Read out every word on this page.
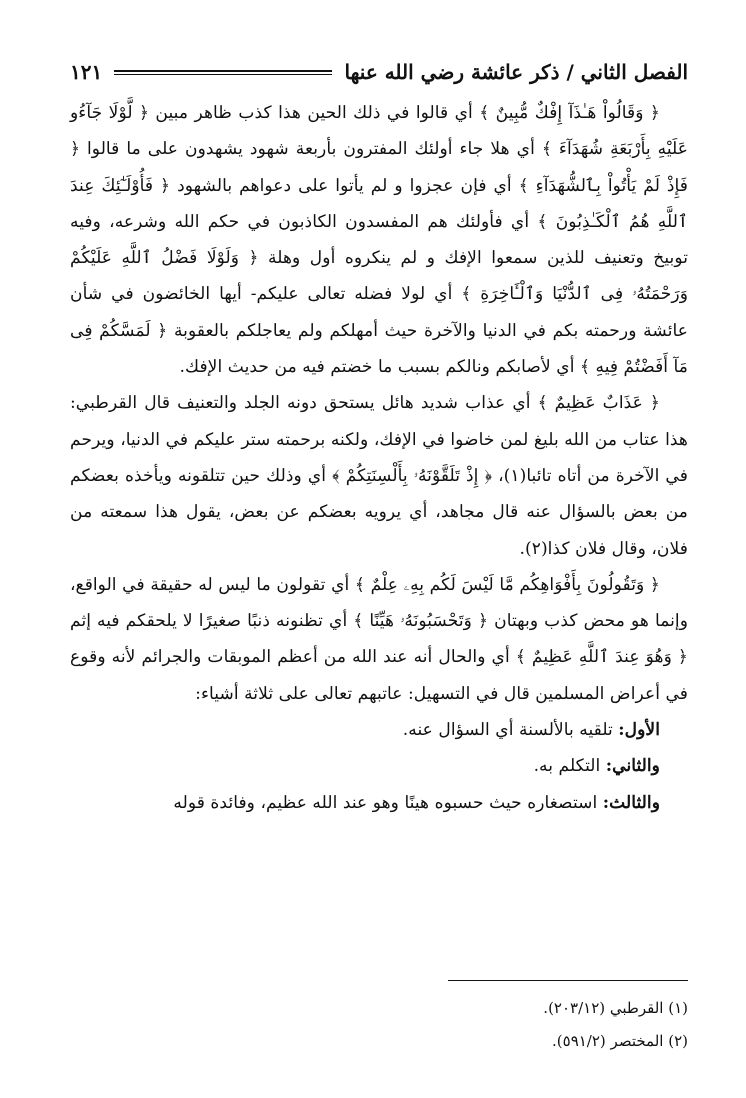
الفصل الثاني / ذكر عائشة رضي الله عنها
١٢١

﴿ وَقَالُواْ هَـٰذَآ إِفْكٌ مُّبِينٌ ﴾ أي قالوا في ذلك الحين هذا كذب ظاهر مبين ﴿ لَّوْلَا جَآءُو عَلَيْهِ بِأَرْبَعَةِ شُهَدَآءَ ﴾ أي هلا جاء أولئك المفترون بأربعة شهود يشهدون على ما قالوا ﴿ فَإِذْ لَمْ يَأْتُواْ بِٱلشُّهَدَآءِ ﴾ أي فإن عجزوا و لم يأتوا على دعواهم بالشهود ﴿ فَأُوْلَـٰٓئِكَ عِندَ ٱللَّهِ هُمُ ٱلْكَـٰذِبُونَ ﴾ أي فأولئك هم المفسدون الكاذبون في حكم الله وشرعه، وفيه توبيخ وتعنيف للذين سمعوا الإفك و لم ينكروه أول وهلة ﴿ وَلَوْلَا فَضْلُ ٱللَّهِ عَلَيْكُمْ وَرَحْمَتُهُۥ فِى ٱلدُّنْيَا وَٱلْـَٔاخِرَةِ ﴾ أي لولا فضله تعالى عليكم- أيها الخائضون في شأن عائشة ورحمته بكم في الدنيا والآخرة حيث أمهلكم ولم يعاجلكم بالعقوبة ﴿ لَمَسَّكُمْ فِى مَآ أَفَضْتُمْ فِيهِ ﴾ أي لأصابكم ونالكم بسبب ما خضتم فيه من حديث الإفك.

﴿ عَذَابٌ عَظِيمٌ ﴾ أي عذاب شديد هائل يستحق دونه الجلد والتعنيف قال القرطبي: هذا عتاب من الله بليغ لمن خاضوا في الإفك، ولكنه برحمته ستر عليكم في الدنيا، ويرحم في الآخرة من أتاه تائبا(١)، ﴿ إِذْ تَلَقَّوْنَهُۥ بِأَلْسِنَتِكُمْ ﴾ أي وذلك حين تتلقونه ويأخذه بعضكم من بعض بالسؤال عنه قال مجاهد، أي يرويه بعضكم عن بعض، يقول هذا سمعته من فلان، وقال فلان كذا(٢).

﴿ وَتَقُولُونَ بِأَفْوَاهِكُم مَّا لَيْسَ لَكُم بِهِۦ عِلْمٌ ﴾ أي تقولون ما ليس له حقيقة في الواقع، وإنما هو محض كذب وبهتان ﴿ وَتَحْسَبُونَهُۥ هَيِّنًا ﴾ أي تظنونه ذنبًا صغيرًا لا يلحقكم فيه إثم ﴿ وَهُوَ عِندَ ٱللَّهِ عَظِيمٌ ﴾ أي والحال أنه عند الله من أعظم الموبقات والجرائم لأنه وقوع في أعراض المسلمين قال في التسهيل: عاتبهم تعالى على ثلاثة أشياء:

الأول: تلقيه بالألسنة أي السؤال عنه.
والثاني: التكلم به.
والثالث: استصغاره حيث حسبوه هينًا وهو عند الله عظيم، وفائدة قوله
(١) القرطبي (٢٠٣/١٢).
(٢) المختصر (٥٩١/٢).
